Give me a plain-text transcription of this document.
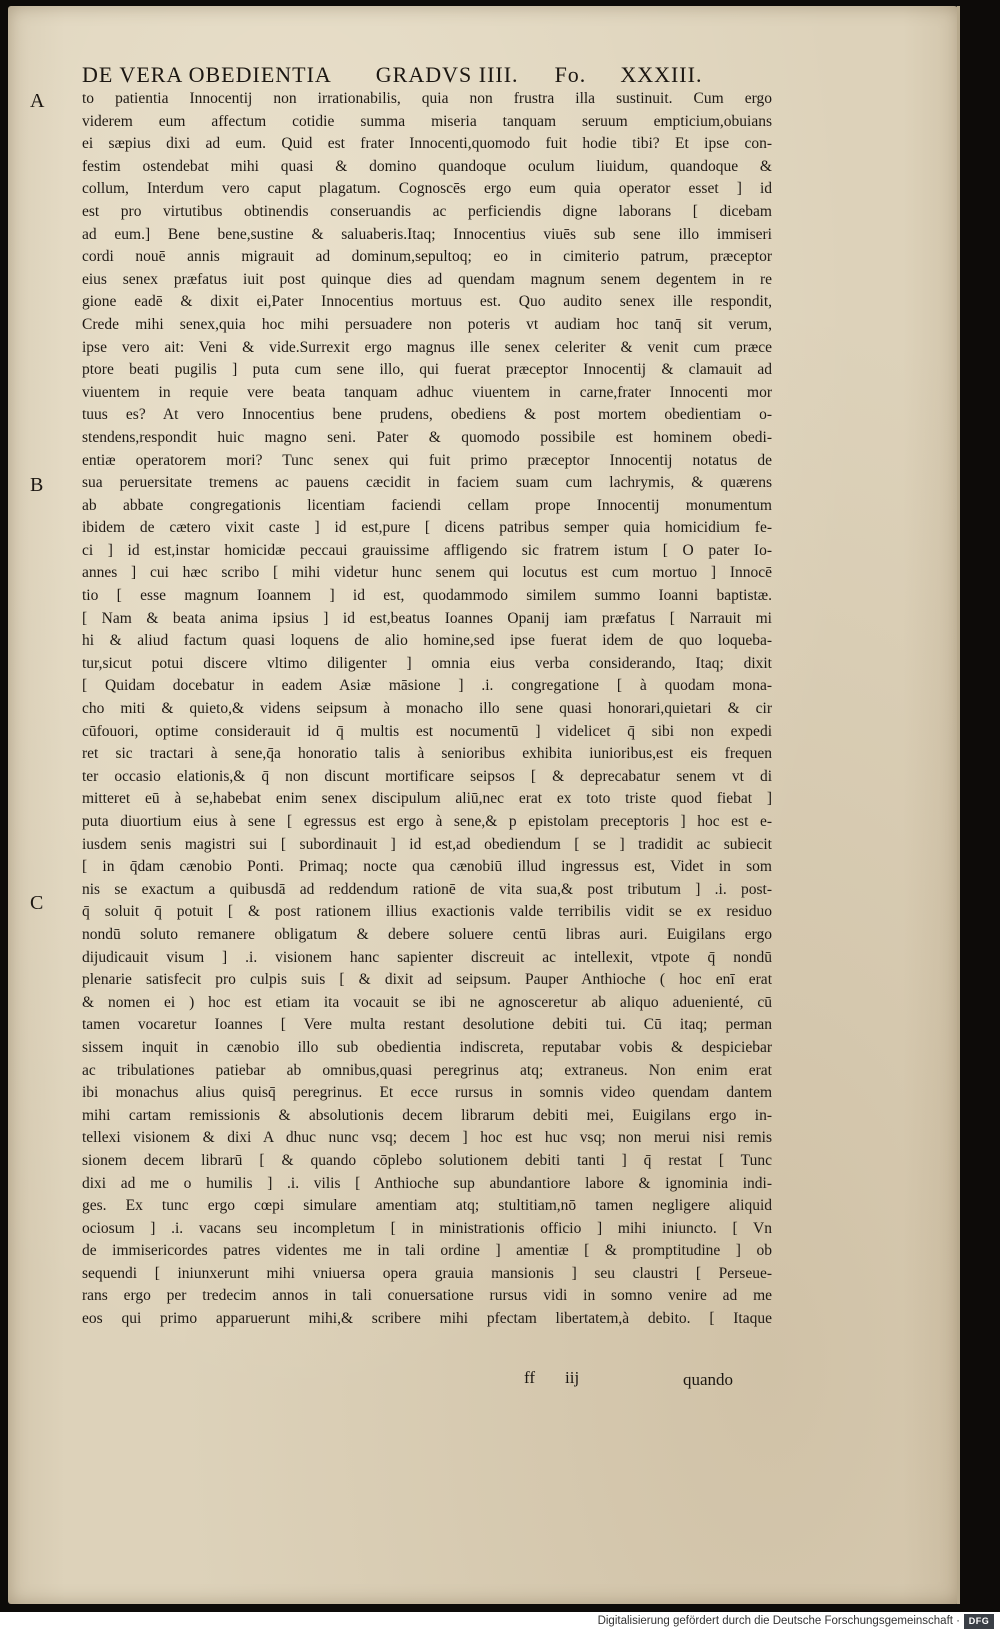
DE VERA OBEDIENTIA GRADVS IIII. Fo. XXXIII.
A
B
C
to patientia Innocentij non irrationabilis, quia non frustra illa sustinuit. Cum ergo
viderem eum affectum cotidie summa miseria tanquam seruum empticium,obuians
ei sæpius dixi ad eum. Quid est frater Innocenti,quomodo fuit hodie tibi? Et ipse con-
festim ostendebat mihi quasi & domino quandoque oculum liuidum, quandoque &
collum, Interdum vero caput plagatum. Cognoscēs ergo eum quia operator esset ] id
est pro virtutibus obtinendis conseruandis ac perficiendis digne laborans [ dicebam
ad eum.] Bene bene,sustine & saluaberis.Itaq; Innocentius viuēs sub sene illo immiseri
cordi nouē annis migrauit ad dominum,sepultoq; eo in cimiterio patrum, præceptor
eius senex præfatus iuit post quinque dies ad quendam magnum senem degentem in re
gione eadē & dixit ei,Pater Innocentius mortuus est. Quo audito senex ille respondit,
Crede mihi senex,quia hoc mihi persuadere non poteris vt audiam hoc tanq̄ sit verum,
ipse vero ait: Veni & vide.Surrexit ergo magnus ille senex celeriter & venit cum præce
ptore beati pugilis ] puta cum sene illo, qui fuerat præceptor Innocentij & clamauit ad
viuentem in requie vere beata tanquam adhuc viuentem in carne,frater Innocenti mor
tuus es? At vero Innocentius bene prudens, obediens & post mortem obedientiam o-
stendens,respondit huic magno seni. Pater & quomodo possibile est hominem obedi-
entiæ operatorem mori? Tunc senex qui fuit primo præceptor Innocentij notatus de
sua peruersitate tremens ac pauens cæcidit in faciem suam cum lachrymis, & quærens
ab abbate congregationis licentiam faciendi cellam prope Innocentij monumentum
ibidem de cætero vixit caste ] id est,pure [ dicens patribus semper quia homicidium fe-
ci ] id est,instar homicidæ peccaui grauissime affligendo sic fratrem istum [ O pater Io-
annes ] cui hæc scribo [ mihi videtur hunc senem qui locutus est cum mortuo ] Innocē
tio [ esse magnum Ioannem ] id est, quodammodo similem summo Ioanni baptistæ.
[ Nam & beata anima ipsius ] id est,beatus Ioannes Opanij iam præfatus [ Narrauit mi
hi & aliud factum quasi loquens de alio homine,sed ipse fuerat idem de quo loqueba-
tur,sicut potui discere vltimo diligenter ] omnia eius verba considerando, Itaq; dixit
[ Quidam docebatur in eadem Asiæ māsione ] .i. congregatione [ à quodam mona-
cho miti & quieto,& videns seipsum à monacho illo sene quasi honorari,quietari & cir
cūfouori, optime considerauit id q̄ multis est nocumentū ] videlicet q̄ sibi non expedi
ret sic tractari à sene,q̄a honoratio talis à senioribus exhibita iunioribus,est eis frequen
ter occasio elationis,& q̄ non discunt mortificare seipsos [ & deprecabatur senem vt di
mitteret eū à se,habebat enim senex discipulum aliū,nec erat ex toto triste quod fiebat ]
puta diuortium eius à sene [ egressus est ergo à sene,& p epistolam preceptoris ] hoc est e-
iusdem senis magistri sui [ subordinauit ] id est,ad obediendum [ se ] tradidit ac subiecit
[ in q̄dam cænobio Ponti. Primaq; nocte qua cænobiū illud ingressus est, Videt in som
nis se exactum a quibusdā ad reddendum rationē de vita sua,& post tributum ] .i. post-
q̄ soluit q̄ potuit [ & post rationem illius exactionis valde terribilis vidit se ex residuo
nondū soluto remanere obligatum & debere soluere centū libras auri. Euigilans ergo
dijudicauit visum ] .i. visionem hanc sapienter discreuit ac intellexit, vtpote q̄ nondū
plenarie satisfecit pro culpis suis [ & dixit ad seipsum. Pauper Anthioche ( hoc enī erat
& nomen ei ) hoc est etiam ita vocauit se ibi ne agnosceretur ab aliquo aduenienté, cū
tamen vocaretur Ioannes [ Vere multa restant desolutione debiti tui. Cū itaq; perman
sissem inquit in cænobio illo sub obedientia indiscreta, reputabar vobis & despiciebar
ac tribulationes patiebar ab omnibus,quasi peregrinus atq; extraneus. Non enim erat
ibi monachus alius quisq̄ peregrinus. Et ecce rursus in somnis video quendam dantem
mihi cartam remissionis & absolutionis decem librarum debiti mei, Euigilans ergo in-
tellexi visionem & dixi A dhuc nunc vsq; decem ] hoc est huc vsq; non merui nisi remis
sionem decem librarū [ & quando cōplebo solutionem debiti tanti ] q̄ restat [ Tunc
dixi ad me o humilis ] .i. vilis [ Anthioche sup abundantiore labore & ignominia indi-
ges. Ex tunc ergo cœpi simulare amentiam atq; stultitiam,nō tamen negligere aliquid
ociosum ] .i. vacans seu incompletum [ in ministrationis officio ] mihi iniuncto. [ Vn
de immisericordes patres videntes me in tali ordine ] amentiæ [ & promptitudine ] ob
sequendi [ iniunxerunt mihi vniuersa opera grauia mansionis ] seu claustri [ Perseue-
rans ergo per tredecim annos in tali conuersatione rursus vidi in somno venire ad me
eos qui primo apparuerunt mihi,& scribere mihi pfectam libertatem,à debito. [ Itaque
ff iij	quando
Digitalisierung gefördert durch die Deutsche Forschungsgemeinschaft · DFG
